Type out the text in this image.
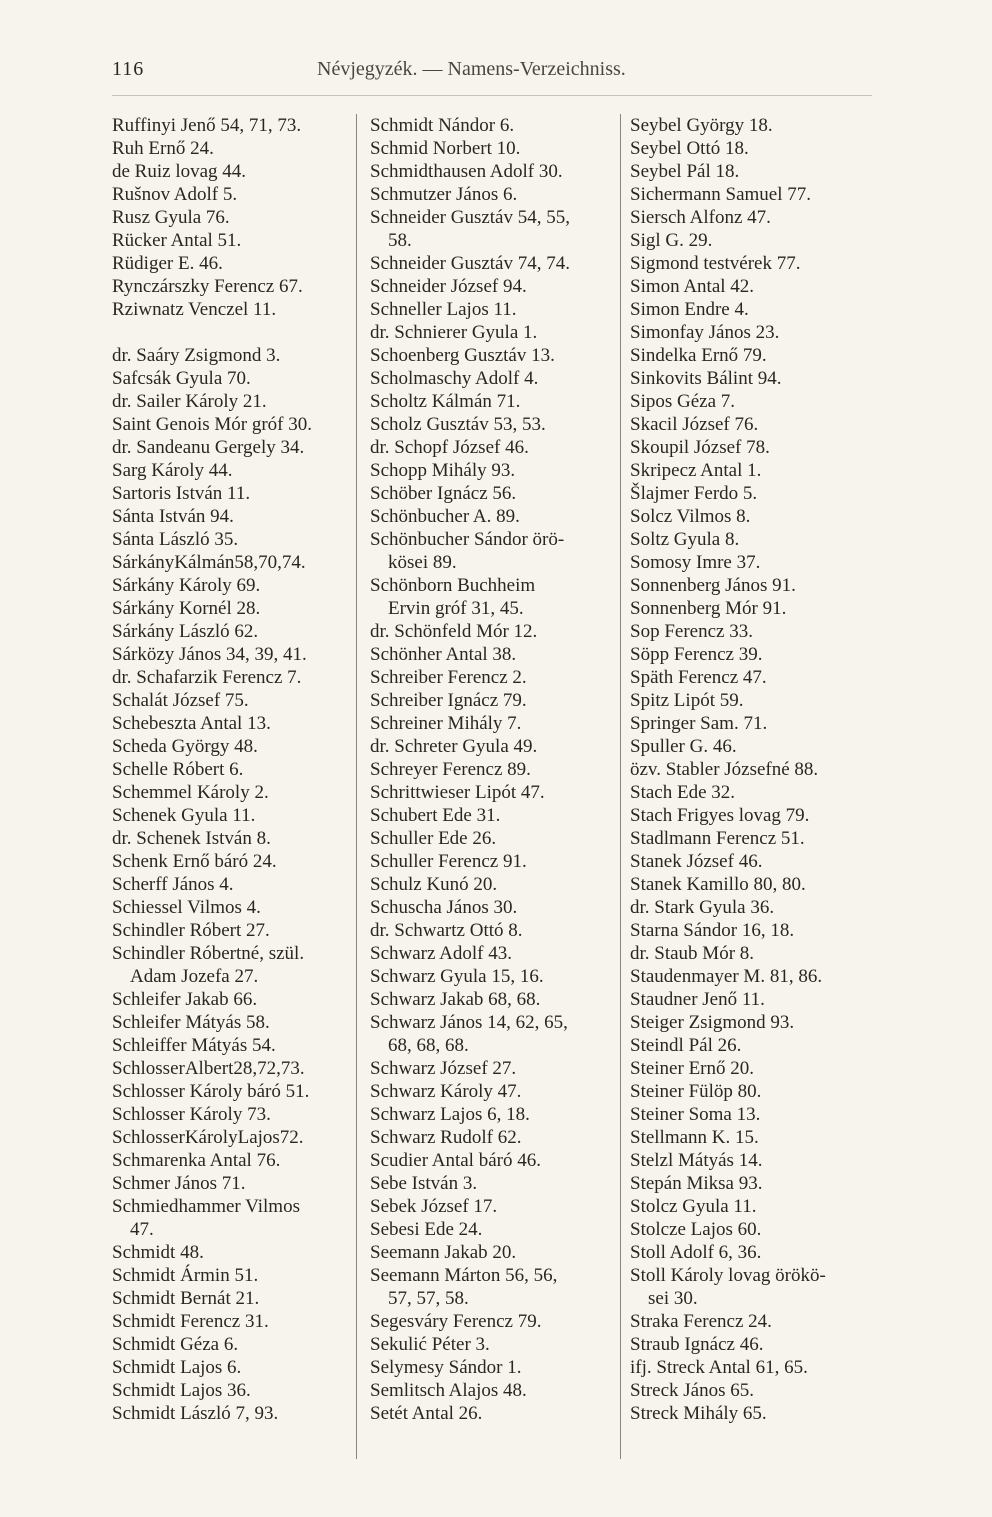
116	Névjegyzék. — Namens-Verzeichniss.
Ruffinyi Jenő 54, 71, 73.
Ruh Ernő 24.
de Ruiz lovag 44.
Rušnov Adolf 5.
Rusz Gyula 76.
Rücker Antal 51.
Rüdiger E. 46.
Rynczárszky Ferencz 67.
Rziwnatz Venczel 11.
dr. Saáry Zsigmond 3.
Safcsák Gyula 70.
dr. Sailer Károly 21.
Saint Genois Mór gróf 30.
dr. Sandeanu Gergely 34.
Sarg Károly 44.
Sartoris István 11.
Sánta István 94.
Sánta László 35.
SárkányKálmán58,70,74.
Sárkány Károly 69.
Sárkány Kornél 28.
Sárkány László 62.
Sárközy János 34, 39, 41.
dr. Schafarzik Ferencz 7.
Schalát József 75.
Schebeszta Antal 13.
Scheda György 48.
Schelle Róbert 6.
Schemmel Károly 2.
Schenek Gyula 11.
dr. Schenek István 8.
Schenk Ernő báró 24.
Scherff János 4.
Schiessel Vilmos 4.
Schindler Róbert 27.
Schindler Róbertné, szül.
Adam Jozefa 27.
Schleifer Jakab 66.
Schleifer Mátyás 58.
Schleiffer Mátyás 54.
SchlosserAlbert28,72,73.
Schlosser Károly báró 51.
Schlosser Károly 73.
SchlosserKárolyLajos72.
Schmarenka Antal 76.
Schmer János 71.
Schmiedhammer Vilmos
47.
Schmidt 48.
Schmidt Ármin 51.
Schmidt Bernát 21.
Schmidt Ferencz 31.
Schmidt Géza 6.
Schmidt Lajos 6.
Schmidt Lajos 36.
Schmidt László 7, 93.
Schmidt Nándor 6.
Schmid Norbert 10.
Schmidthausen Adolf 30.
Schmutzer János 6.
Schneider Gusztáv 54, 55,
58.
Schneider Gusztáv 74, 74.
Schneider József 94.
Schneller Lajos 11.
dr. Schnierer Gyula 1.
Schoenberg Gusztáv 13.
Scholmaschy Adolf 4.
Scholtz Kálmán 71.
Scholz Gusztáv 53, 53.
dr. Schopf József 46.
Schopp Mihály 93.
Schöber Ignácz 56.
Schönbucher A. 89.
Schönbucher Sándor örö-
kösei 89.
Schönborn Buchheim
Ervin gróf 31, 45.
dr. Schönfeld Mór 12.
Schönher Antal 38.
Schreiber Ferencz 2.
Schreiber Ignácz 79.
Schreiner Mihály 7.
dr. Schreter Gyula 49.
Schreyer Ferencz 89.
Schrittwieser Lipót 47.
Schubert Ede 31.
Schuller Ede 26.
Schuller Ferencz 91.
Schulz Kunó 20.
Schuscha János 30.
dr. Schwartz Ottó 8.
Schwarz Adolf 43.
Schwarz Gyula 15, 16.
Schwarz Jakab 68, 68.
Schwarz János 14, 62, 65,
68, 68, 68.
Schwarz József 27.
Schwarz Károly 47.
Schwarz Lajos 6, 18.
Schwarz Rudolf 62.
Scudier Antal báró 46.
Sebe István 3.
Sebek József 17.
Sebesi Ede 24.
Seemann Jakab 20.
Seemann Márton 56, 56,
57, 57, 58.
Segesváry Ferencz 79.
Sekulić Péter 3.
Selymesy Sándor 1.
Semlitsch Alajos 48.
Setét Antal 26.
Seybel György 18.
Seybel Ottó 18.
Seybel Pál 18.
Sichermann Samuel 77.
Siersch Alfonz 47.
Sigl G. 29.
Sigmond testvérek 77.
Simon Antal 42.
Simon Endre 4.
Simonfay János 23.
Sindelka Ernő 79.
Sinkovits Bálint 94.
Sipos Géza 7.
Skacil József 76.
Skoupil József 78.
Skripecz Antal 1.
Šlajmer Ferdo 5.
Solcz Vilmos 8.
Soltz Gyula 8.
Somosy Imre 37.
Sonnenberg János 91.
Sonnenberg Mór 91.
Sop Ferencz 33.
Söpp Ferencz 39.
Späth Ferencz 47.
Spitz Lipót 59.
Springer Sam. 71.
Spuller G. 46.
özv. Stabler Józsefné 88.
Stach Ede 32.
Stach Frigyes lovag 79.
Stadlmann Ferencz 51.
Stanek József 46.
Stanek Kamillo 80, 80.
dr. Stark Gyula 36.
Starna Sándor 16, 18.
dr. Staub Mór 8.
Staudenmayer M. 81, 86.
Staudner Jenő 11.
Steiger Zsigmond 93.
Steindl Pál 26.
Steiner Ernő 20.
Steiner Fülöp 80.
Steiner Soma 13.
Stellmann K. 15.
Stelzl Mátyás 14.
Stepán Miksa 93.
Stolcz Gyula 11.
Stolcze Lajos 60.
Stoll Adolf 6, 36.
Stoll Károly lovag örökö-
sei 30.
Straka Ferencz 24.
Straub Ignácz 46.
ifj. Streck Antal 61, 65.
Streck János 65.
Streck Mihály 65.
